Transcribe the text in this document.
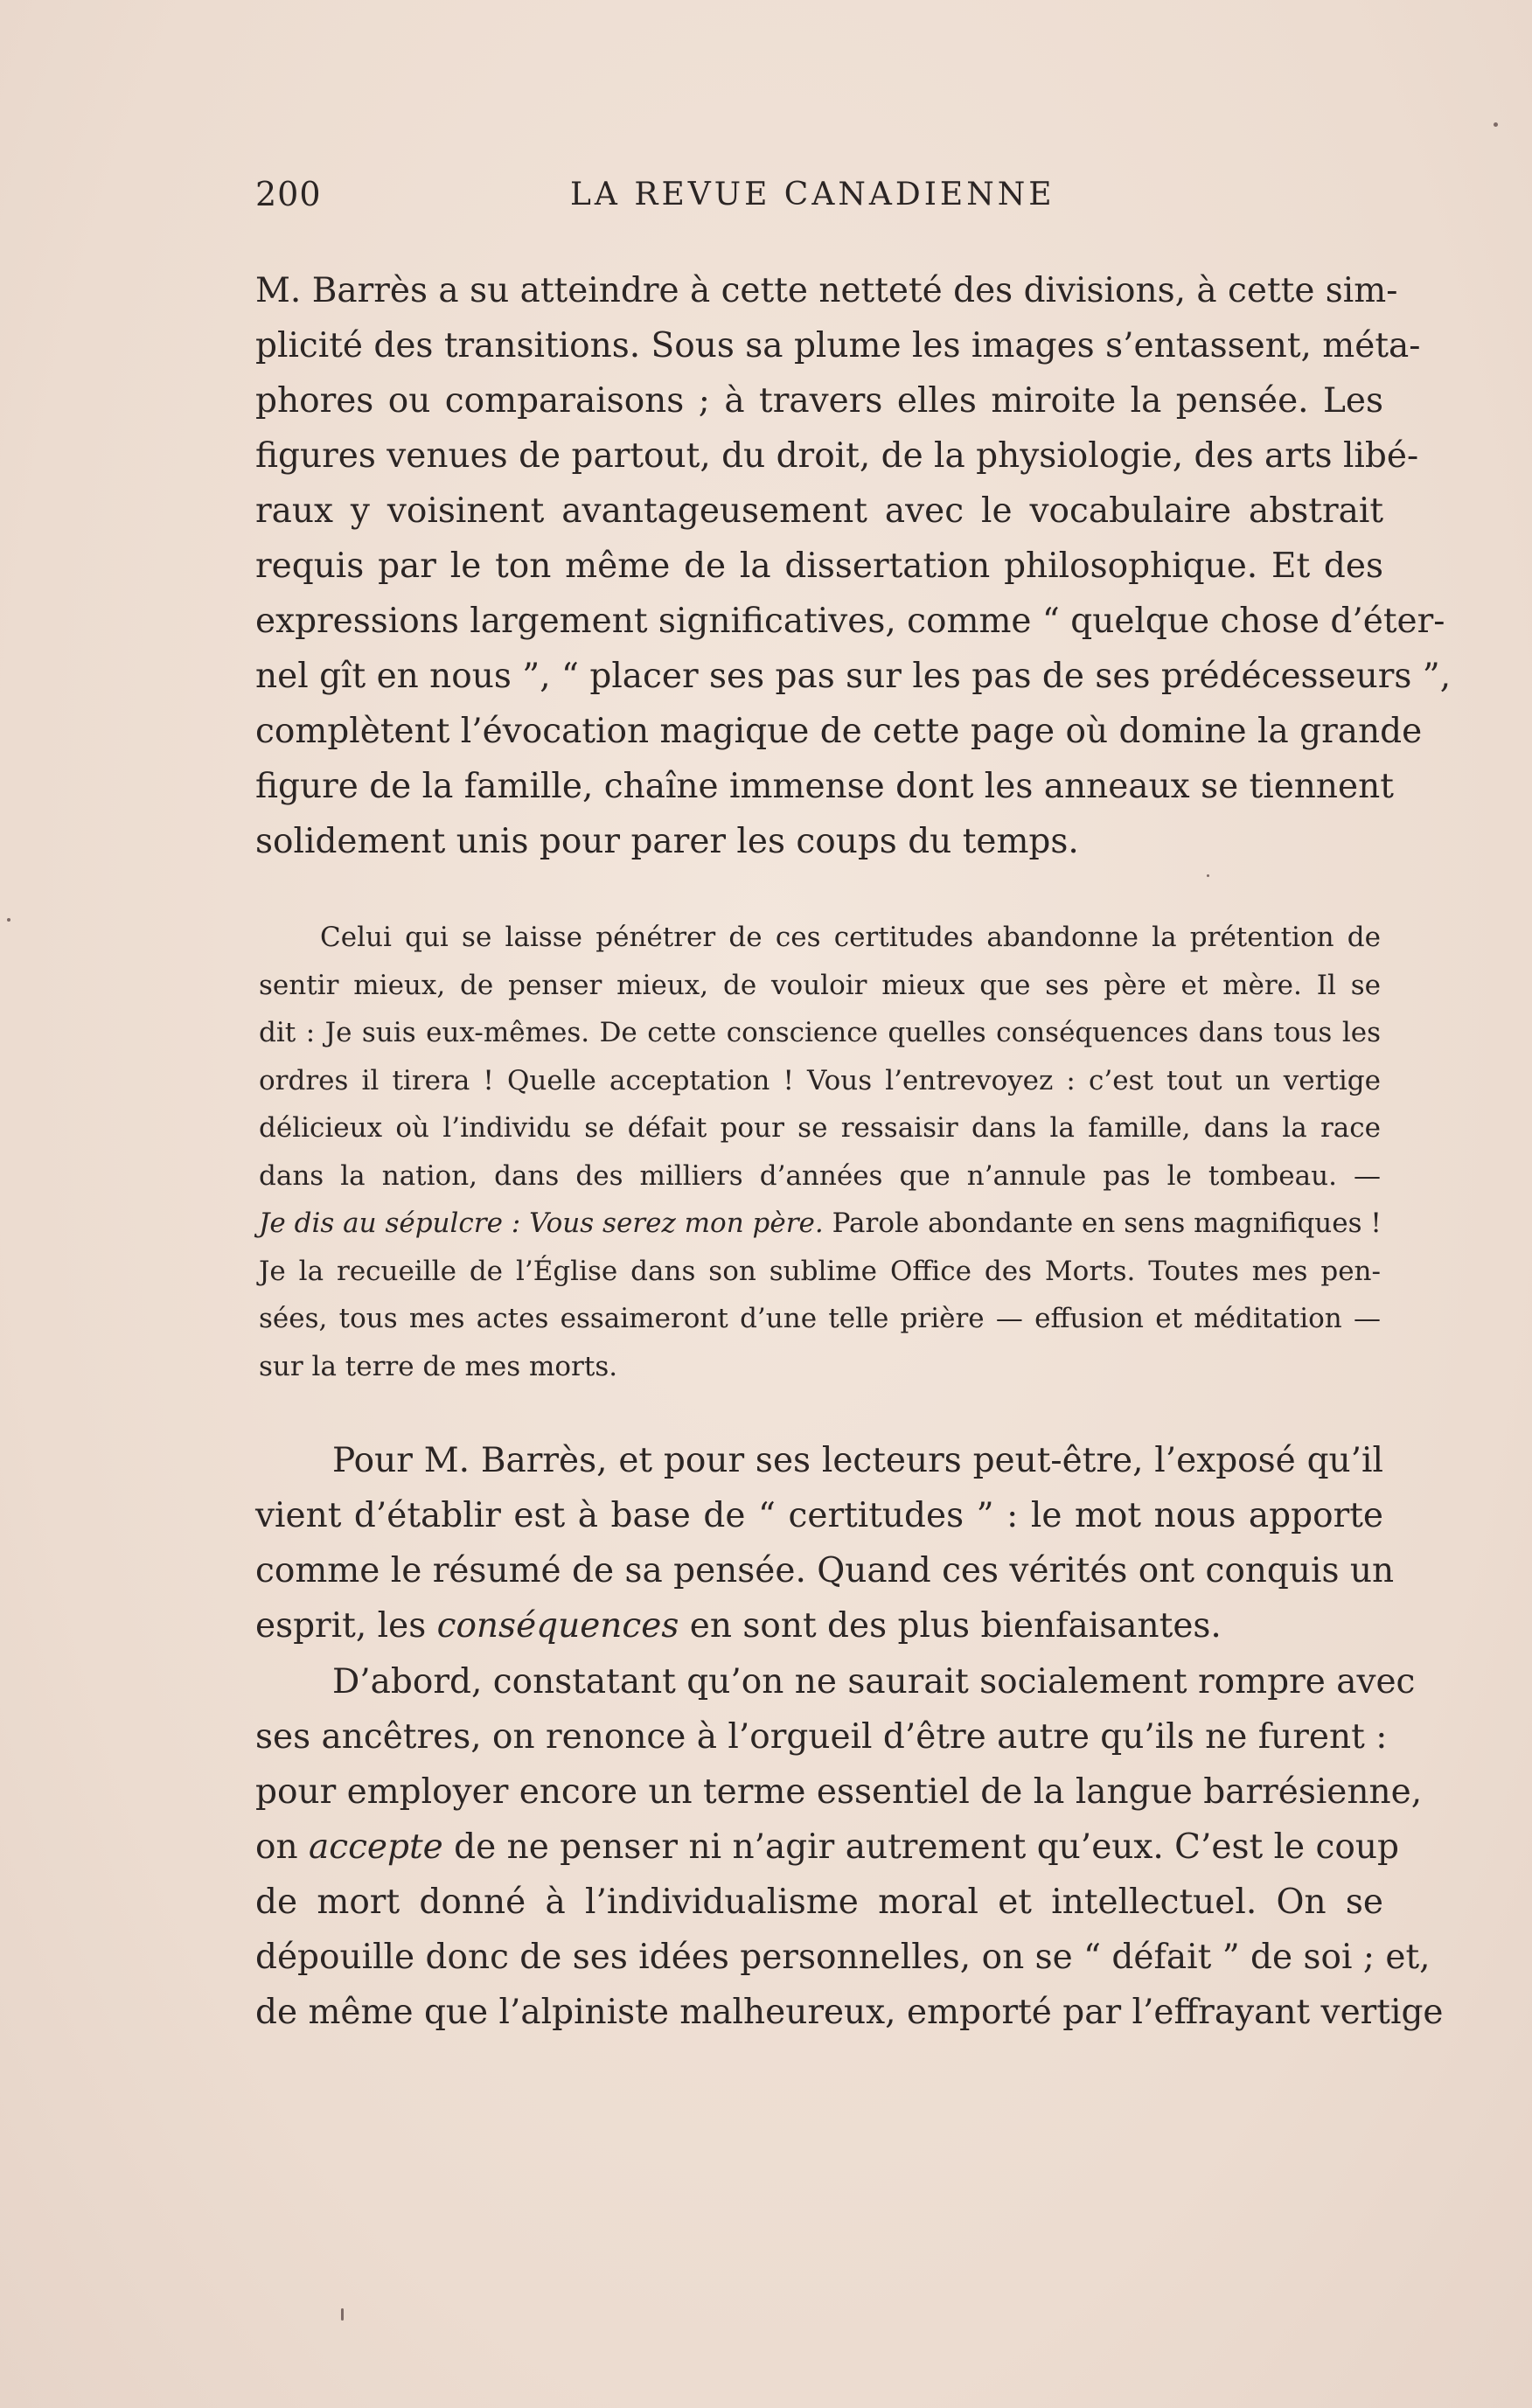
200	LA REVUE CANADIENNE
M. Barrès a su atteindre à cette netteté des divisions, à cette sim-
plicité des transitions. Sous sa plume les images s’entassent, méta-
phores ou comparaisons ; à travers elles miroite la pensée. Les
figures venues de partout, du droit, de la physiologie, des arts libé-
raux y voisinent avantageusement avec le vocabulaire abstrait
requis par le ton même de la dissertation philosophique. Et des
expressions largement significatives, comme “ quelque chose d’éter-
nel gît en nous ”, “ placer ses pas sur les pas de ses prédécesseurs ”,
complètent l’évocation magique de cette page où domine la grande
figure de la famille, chaîne immense dont les anneaux se tiennent
solidement unis pour parer les coups du temps.
Celui qui se laisse pénétrer de ces certitudes abandonne la prétention de
sentir mieux, de penser mieux, de vouloir mieux que ses père et mère. Il se
dit : Je suis eux-mêmes. De cette conscience quelles conséquences dans tous les
ordres il tirera ! Quelle acceptation ! Vous l’entrevoyez : c’est tout un vertige
délicieux où l’individu se défait pour se ressaisir dans la famille, dans la race
dans la nation, dans des milliers d’années que n’annule pas le tombeau. —
Je dis au sépulcre : Vous serez mon père. Parole abondante en sens magnifiques !
Je la recueille de l’Église dans son sublime Office des Morts. Toutes mes pen-
sées, tous mes actes essaimeront d’une telle prière — effusion et méditation —
sur la terre de mes morts.
Pour M. Barrès, et pour ses lecteurs peut-être, l’exposé qu’il
vient d’établir est à base de “ certitudes ” : le mot nous apporte
comme le résumé de sa pensée. Quand ces vérités ont conquis un
esprit, les conséquences en sont des plus bienfaisantes.
D’abord, constatant qu’on ne saurait socialement rompre avec
ses ancêtres, on renonce à l’orgueil d’être autre qu’ils ne furent :
pour employer encore un terme essentiel de la langue barrésienne,
on accepte de ne penser ni n’agir autrement qu’eux. C’est le coup
de mort donné à l’individualisme moral et intellectuel. On se
dépouille donc de ses idées personnelles, on se “ défait ” de soi ; et,
de même que l’alpiniste malheureux, emporté par l’effrayant vertige
